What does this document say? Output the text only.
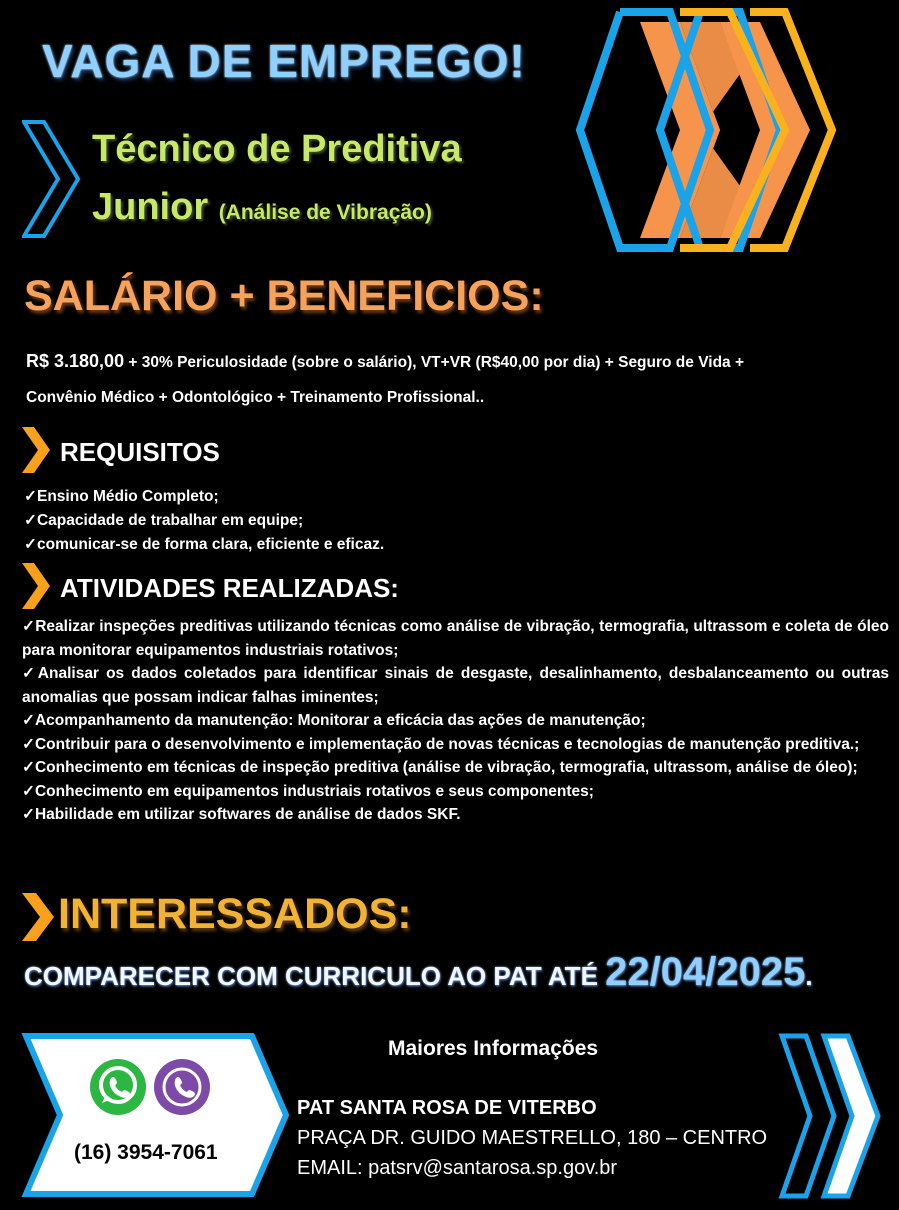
VAGA DE EMPREGO!
Técnico de Preditiva
Junior (Análise de Vibração)
SALÁRIO + BENEFICIOS:
R$ 3.180,00 + 30% Periculosidade (sobre o salário), VT+VR (R$40,00 por dia) + Seguro de Vida +
Convênio Médico + Odontológico + Treinamento Profissional..
REQUISITOS
✓Ensino Médio Completo;
✓Capacidade de trabalhar em equipe;
✓comunicar-se de forma clara, eficiente e eficaz.
ATIVIDADES REALIZADAS:
✓Realizar inspeções preditivas utilizando técnicas como análise de vibração, termografia, ultrassom e coleta de óleo para monitorar equipamentos industriais rotativos;
✓Analisar os dados coletados para identificar sinais de desgaste, desalinhamento, desbalanceamento ou outras anomalias que possam indicar falhas iminentes;
✓Acompanhamento da manutenção: Monitorar a eficácia das ações de manutenção;
✓Contribuir para o desenvolvimento e implementação de novas técnicas e tecnologias de manutenção preditiva.;
✓Conhecimento em técnicas de inspeção preditiva (análise de vibração, termografia, ultrassom, análise de óleo);
✓Conhecimento em equipamentos industriais rotativos e seus componentes;
✓Habilidade em utilizar softwares de análise de dados SKF.
INTERESSADOS:
COMPARECER COM CURRICULO AO PAT ATÉ 22/04/2025.
(16) 3954-7061
Maiores Informações
PAT SANTA ROSA DE VITERBO
PRAÇA DR. GUIDO MAESTRELLO, 180 – CENTRO
EMAIL: patsrv@santarosa.sp.gov.br
